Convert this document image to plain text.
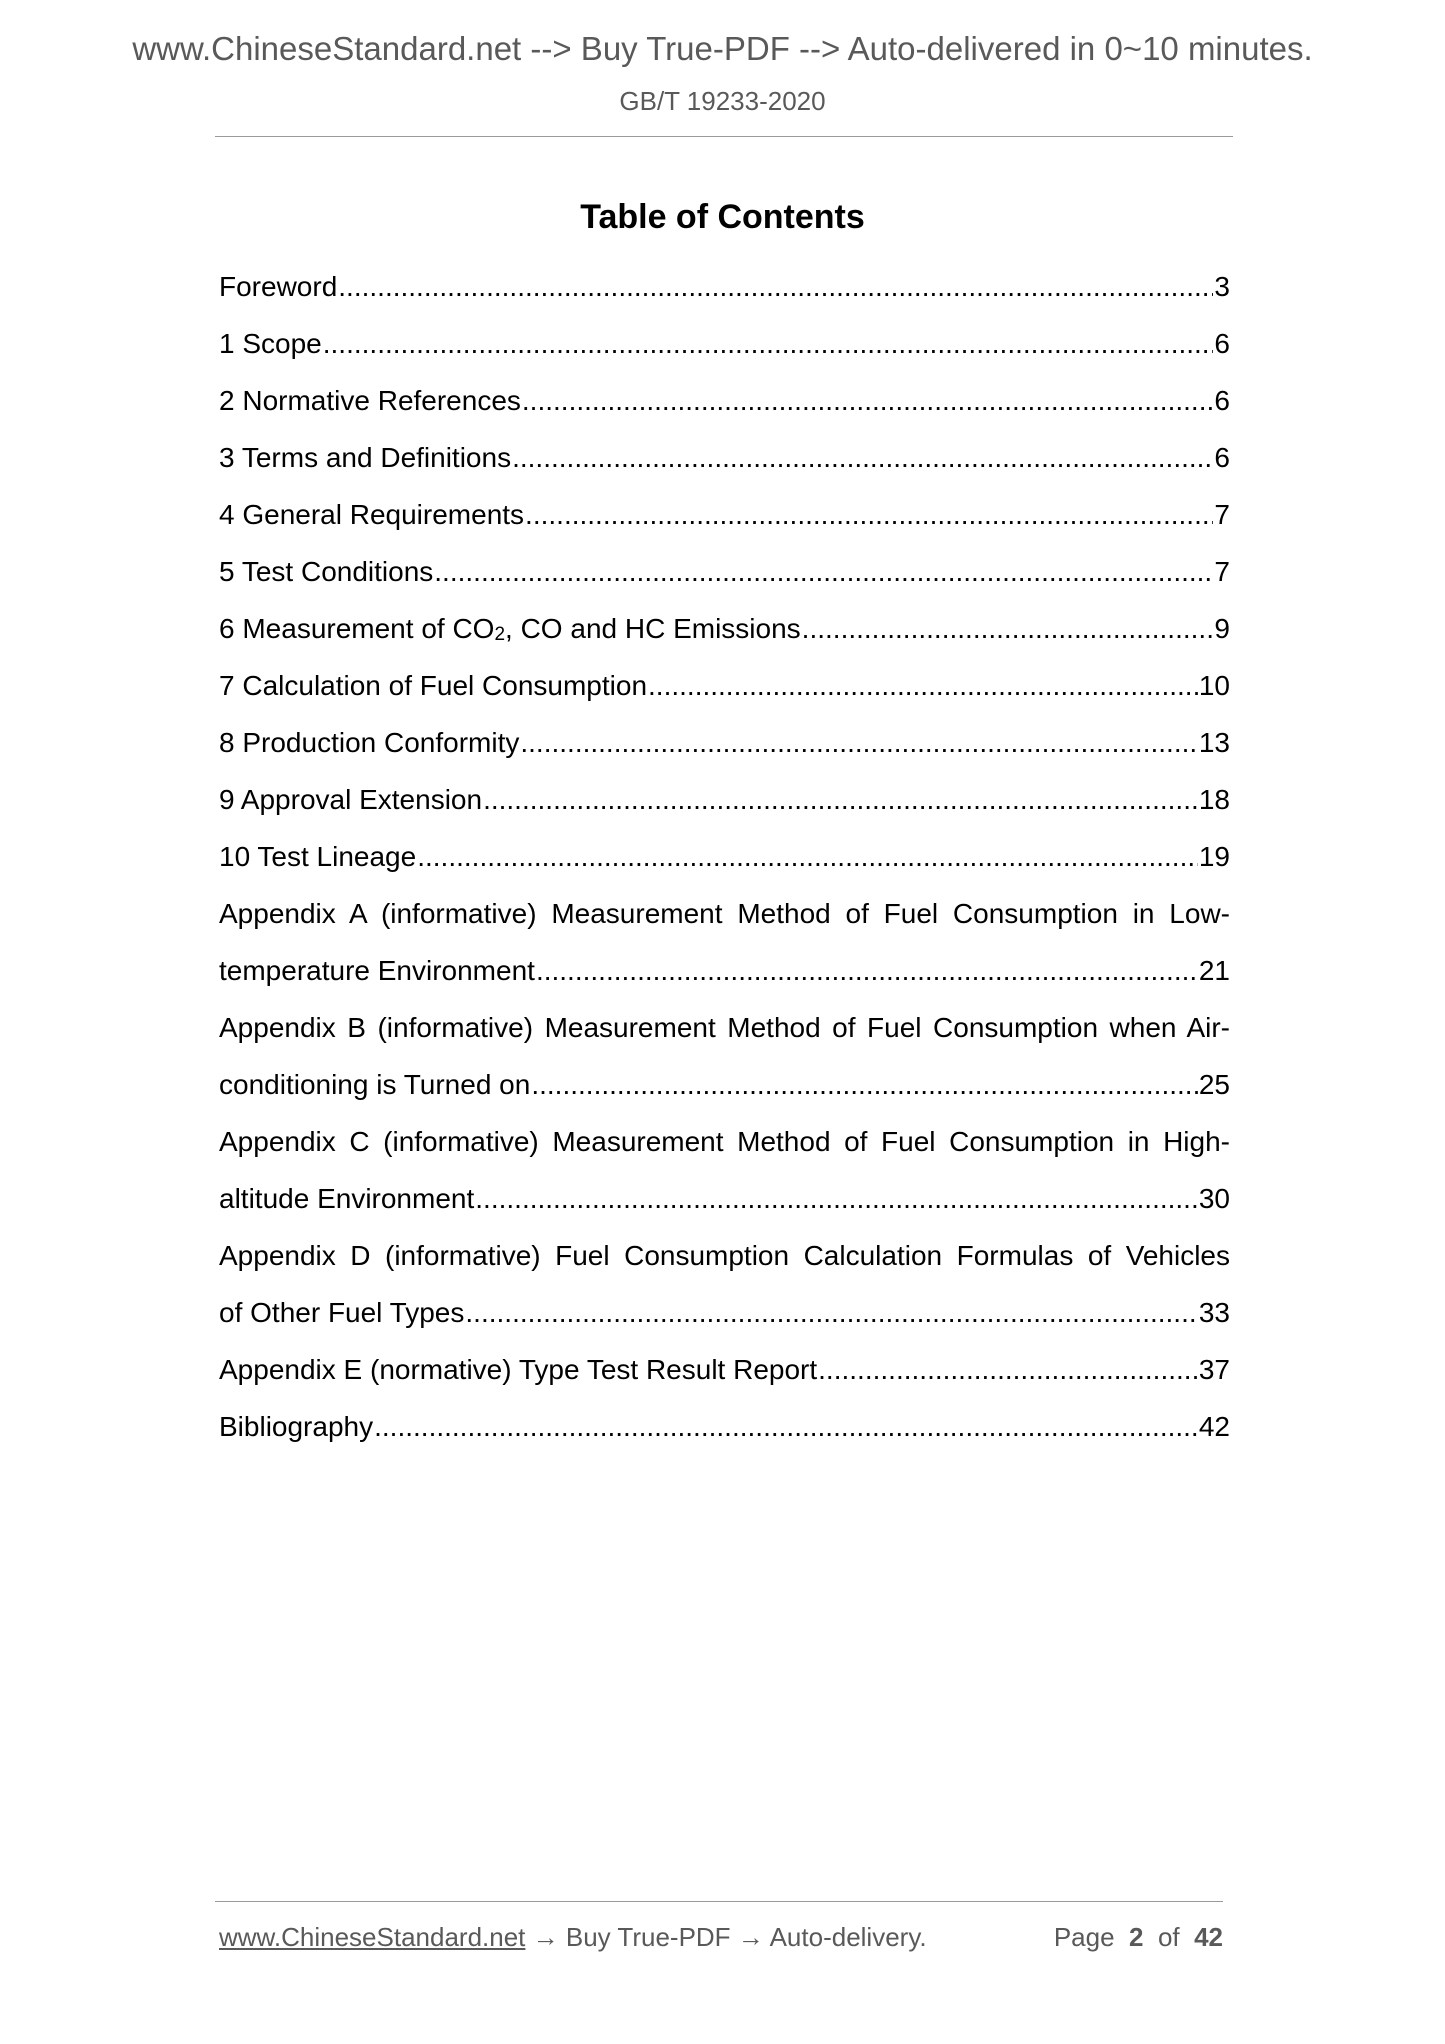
www.ChineseStandard.net --> Buy True-PDF --> Auto-delivered in 0~10 minutes.
GB/T 19233-2020
Table of Contents
Foreword .....	3
1 Scope .....	6
2 Normative References .....	6
3 Terms and Definitions .....	6
4 General Requirements .....	7
5 Test Conditions .....	7
6 Measurement of $CO_2$, CO and HC Emissions .....	9
7 Calculation of Fuel Consumption .....	10
8 Production Conformity .....	13
9 Approval Extension .....	18
10 Test Lineage .....	19
Appendix A (informative) Measurement Method of Fuel Consumption in Low-
temperature Environment .....	21
Appendix B (informative) Measurement Method of Fuel Consumption when Air-
conditioning is Turned on .....	25
Appendix C (informative) Measurement Method of Fuel Consumption in High-
altitude Environment .....	30
Appendix D (informative) Fuel Consumption Calculation Formulas of Vehicles
of Other Fuel Types .....	33
Appendix E (normative) Type Test Result Report .....	37
Bibliography .....	42
www.ChineseStandard.net → Buy True-PDF → Auto-delivery.	Page 2 of 42
